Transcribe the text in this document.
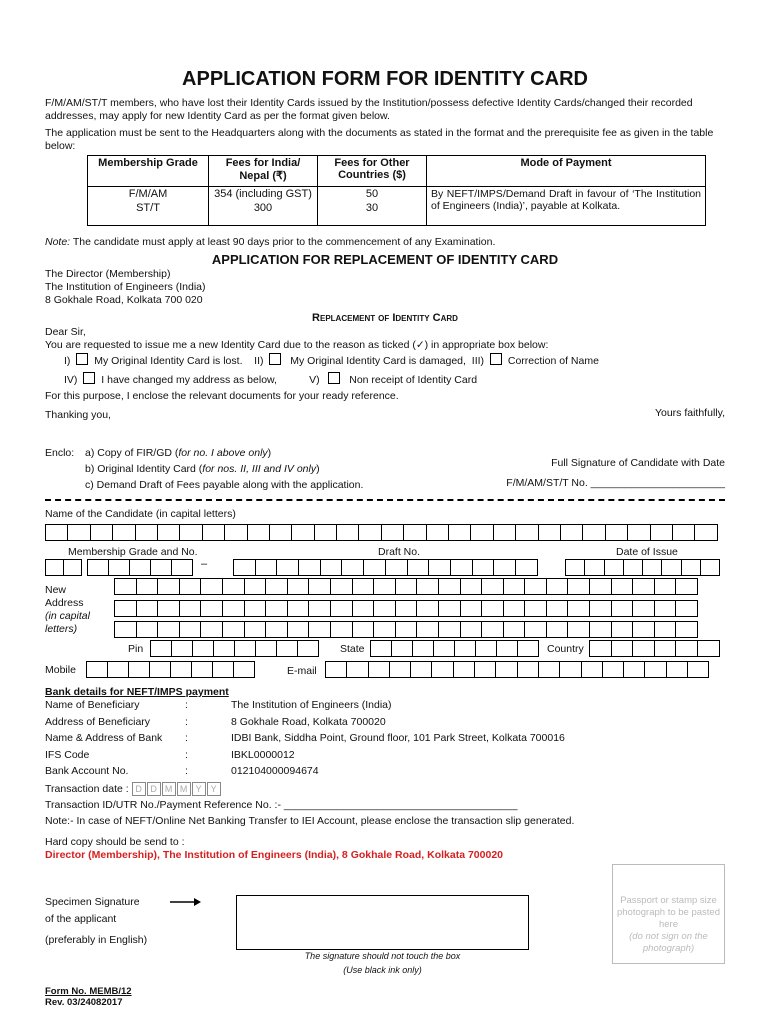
APPLICATION FORM FOR IDENTITY CARD
F/M/AM/ST/T members, who have lost their Identity Cards issued by the Institution/possess defective Identity Cards/changed their recorded addresses, may apply for new Identity Card as per the format given below.
The application must be sent to the Headquarters along with the documents as stated in the format and the prerequisite fee as given in the table below:
Membership Grade	Fees for India/ Nepal (₹)	Fees for Other Countries ($)	Mode of Payment
F/M/AM	354 (including GST)	50	By NEFT/IMPS/Demand Draft in favour of ‘The Institution of Engineers (India)’, payable at Kolkata.
ST/T	300	30	
Note: The candidate must apply at least 90 days prior to the commencement of any Examination.
APPLICATION FOR REPLACEMENT OF IDENTITY CARD
The Director (Membership)
The Institution of Engineers (India)
8 Gokhale Road, Kolkata 700 020
Replacement of Identity Card
Dear Sir,
You are requested to issue me a new Identity Card due to the reason as ticked (✓) in appropriate box below:
I) My Original Identity Card is lost. II)	My Original Identity Card is damaged, III) Correction of Name
IV) I have changed my address as below,	V)	Non receipt of Identity Card
For this purpose, I enclose the relevant documents for your ready reference.
Thanking you,	Yours faithfully,
Enclo: a) Copy of FIR/GD (for no. I above only)
b) Original Identity Card (for nos. II, III and IV only)
c) Demand Draft of Fees payable along with the application.
Full Signature of Candidate with Date
F/M/AM/ST/T No. _______________________
Name of the Candidate (in capital letters)
Membership Grade and No.	Draft No.	Date of Issue
–
New Address
(in capital letters)
Pin	State	Country
Mobile	E-mail
Bank details for NEFT/IMPS payment
Name of Beneficiary	:	The Institution of Engineers (India)
Address of Beneficiary	:	8 Gokhale Road, Kolkata 700020
Name & Address of Bank :	IDBI Bank, Siddha Point, Ground floor, 101 Park Street, Kolkata 700016
IFS Code	:	IBKL0000012
Bank Account No.	:	012104000094674
Transaction date : D D M M Y Y
Transaction ID/UTR No./Payment Reference No. :- ________________________________________
Note:- In case of NEFT/Online Net Banking Transfer to IEI Account, please enclose the transaction slip generated.
Hard copy should be send to :
Director (Membership), The Institution of Engineers (India), 8 Gokhale Road, Kolkata 700020
Specimen Signature
of the applicant
(preferably in English)
The signature should not touch the box
(Use black ink only)
Passport or stamp size photograph to be pasted here
(do not sign on the photograph)
Form No. MEMB/12
Rev. 03/24082017
